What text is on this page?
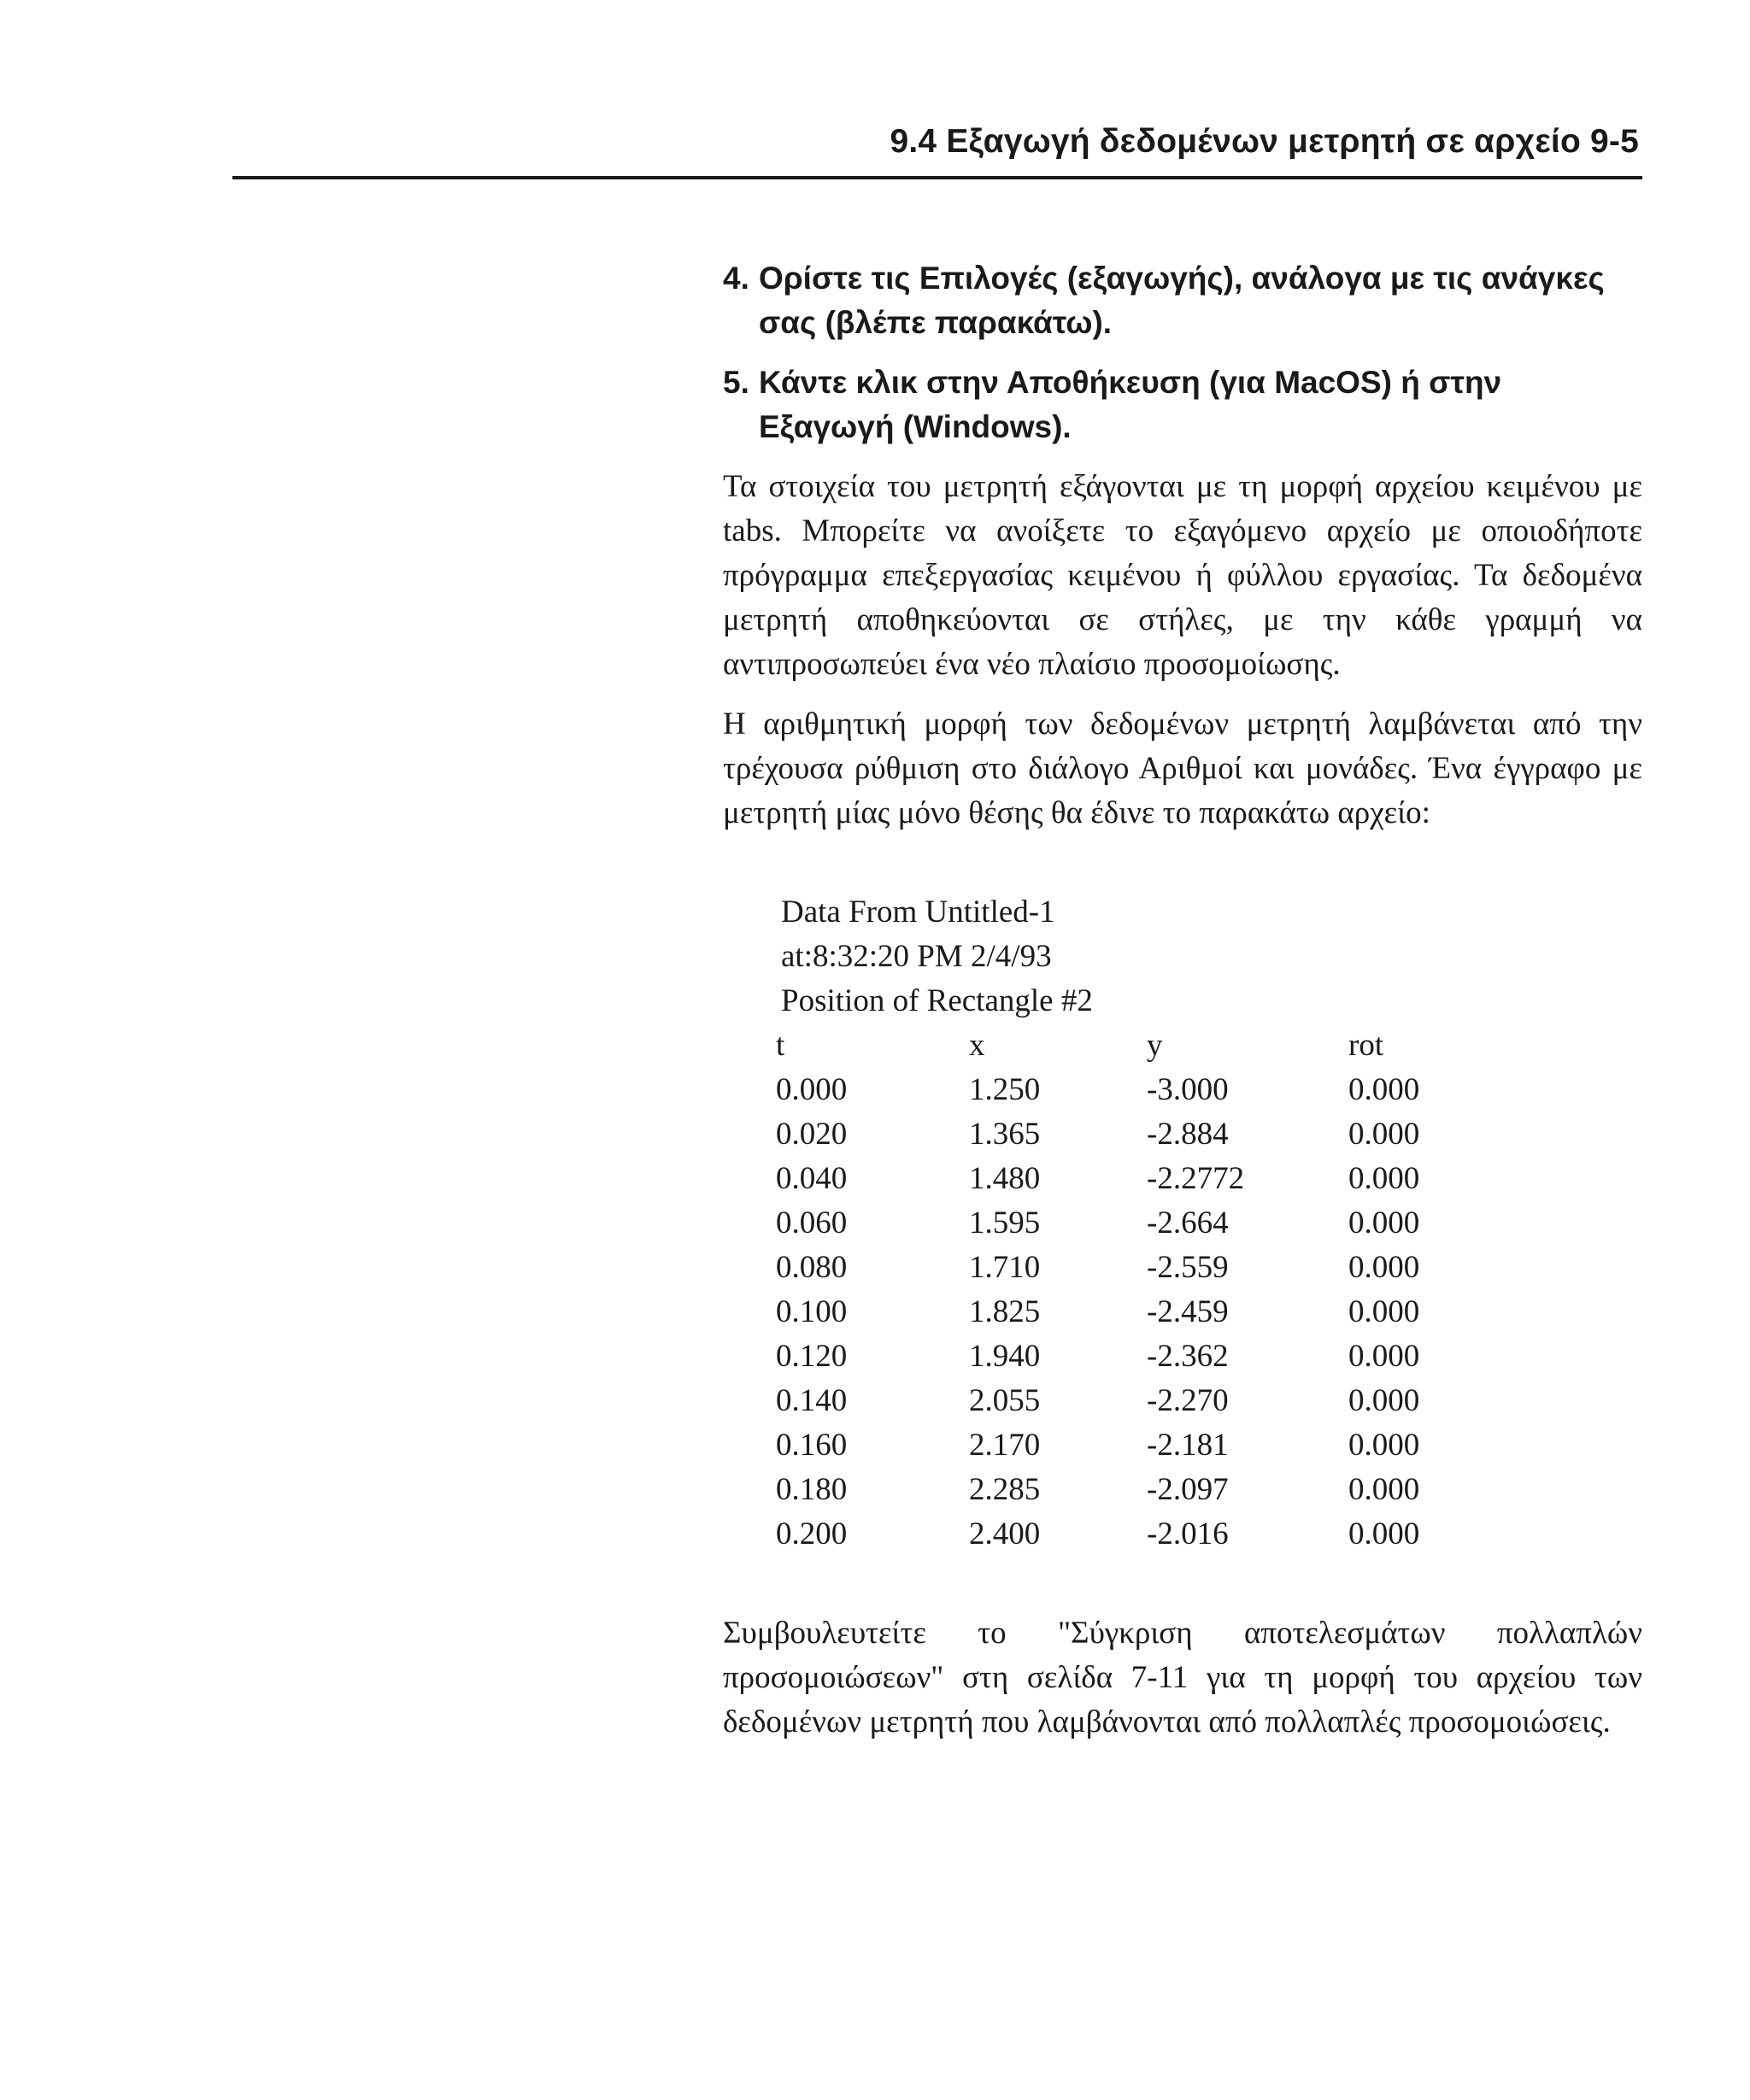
9.4 Εξαγωγή δεδομένων μετρητή σε αρχείο 9-5
4. Ορίστε τις Επιλογές (εξαγωγής), ανάλογα με τις ανάγκες σας (βλέπε παρακάτω).
5. Κάντε κλικ στην Αποθήκευση (για MacOS) ή στην Εξαγωγή (Windows).

Τα στοιχεία του μετρητή εξάγονται με τη μορφή αρχείου κειμένου με tabs. Μπορείτε να ανοίξετε το εξαγόμενο αρχείο με οποιοδήποτε πρόγραμμα επεξεργασίας κειμένου ή φύλλου εργασίας. Τα δεδομένα μετρητή αποθηκεύονται σε στήλες, με την κάθε γραμμή να αντιπροσωπεύει ένα νέο πλαίσιο προσομοίωσης.

Η αριθμητική μορφή των δεδομένων μετρητή λαμβάνεται από την τρέχουσα ρύθμιση στο διάλογο Αριθμοί και μονάδες. Ένα έγγραφο με μετρητή μίας μόνο θέσης θα έδινε το παρακάτω αρχείο:

Data From Untitled-1
at:8:32:20 PM 2/4/93
Position of Rectangle #2
t	x	y	rot
0.000	1.250	-3.000	0.000
0.020	1.365	-2.884	0.000
0.040	1.480	-2.2772	0.000
0.060	1.595	-2.664	0.000
0.080	1.710	-2.559	0.000
0.100	1.825	-2.459	0.000
0.120	1.940	-2.362	0.000
0.140	2.055	-2.270	0.000
0.160	2.170	-2.181	0.000
0.180	2.285	-2.097	0.000
0.200	2.400	-2.016	0.000

Συμβουλευτείτε το "Σύγκριση αποτελεσμάτων πολλαπλών προσομοιώσεων" στη σελίδα 7-11 για τη μορφή του αρχείου των δεδομένων μετρητή που λαμβάνονται από πολλαπλές προσομοιώσεις.
